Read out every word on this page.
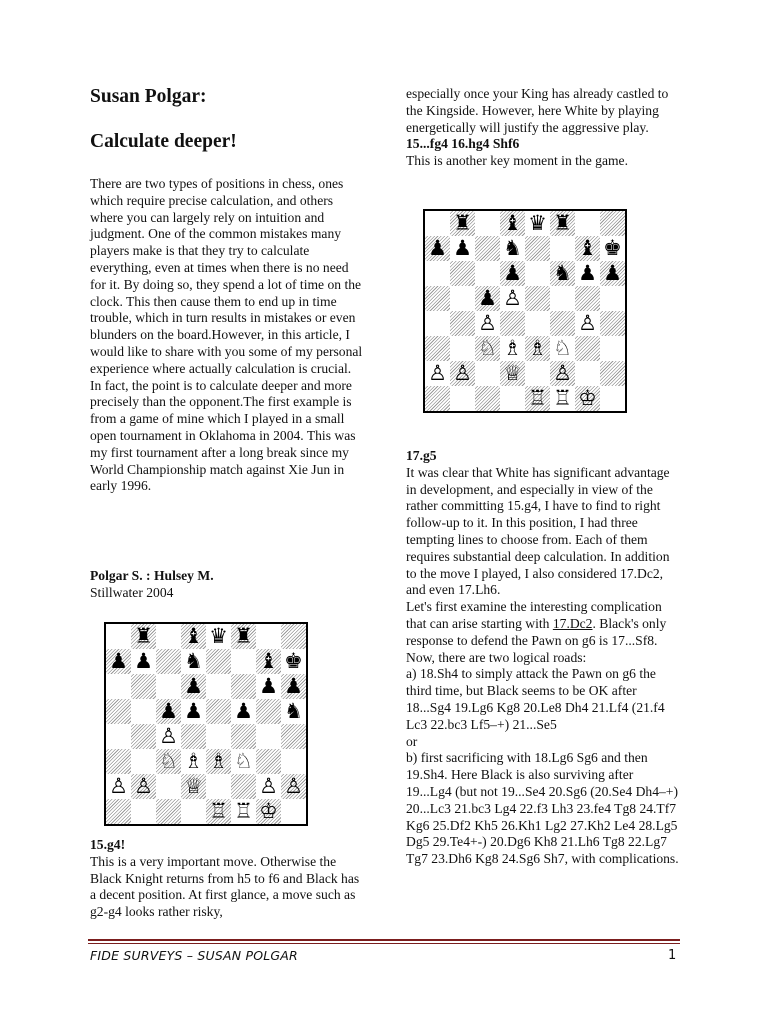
Susan Polgar:
Calculate deeper!

There are two types of positions in chess, ones which require precise calculation, and others where you can largely rely on intuition and judgment. One of the common mistakes many players make is that they try to calculate everything, even at times when there is no need for it. By doing so, they spend a lot of time on the clock. This then cause them to end up in time trouble, which in turn results in mistakes or even blunders on the board.However, in this article, I would like to share with you some of my personal experience where actually calculation is crucial. In fact, the point is to calculate deeper and more precisely than the opponent.The first example is from a game of mine which I played in a small open tournament in Oklahoma in 2004. This was my first tournament after a long break since my World Championship match against Xie Jun in early 1996.

Polgar S. : Hulsey M.
Stillwater 2004
♜ ♝ ♛ ♜
♟ ♟ ♞	♝ ♚
♟	♟ ♟
♟ ♟ ♟ ♞
♙
♘ ♗ ♗ ♘
♙ ♙ ♕	♙ ♙
♖ ♖ ♔
15.g4!

This is a very important move. Otherwise the Black Knight returns from h5 to f6 and Black has a decent position. At first glance, a move such as g2-g4 looks rather risky,

especially once your King has already castled to the Kingside. However, here White by playing energetically will justify the aggressive play.

15...fg4 16.hg4 Shf6

This is another key moment in the game.

♜ ♝ ♛ ♜
♟ ♟ ♞	♝ ♚
♟ ♞ ♟ ♟
♟ ♙
♙	♙
♘ ♗ ♗ ♘
♙ ♙ ♕ ♙
♖ ♖ ♔
17.g5

It was clear that White has significant advantage in development, and especially in view of the rather committing 15.g4, I have to find to right follow-up to it. In this position, I had three tempting lines to choose from. Each of them requires substantial deep calculation. In addition to the move I played, I also considered 17.Dc2, and even 17.Lh6.

Let's first examine the interesting complication that can arise starting with 17.Dc2. Black's only response to defend the Pawn on g6 is 17...Sf8. Now, there are two logical roads:

a) 18.Sh4 to simply attack the Pawn on g6 the third time, but Black seems to be OK after 18...Sg4 19.Lg6 Kg8 20.Le8 Dh4 21.Lf4 (21.f4 Lc3 22.bc3 Lf5–+) 21...Se5

or

b) first sacrificing with 18.Lg6 Sg6 and then 19.Sh4. Here Black is also surviving after 19...Lg4 (but not 19...Se4 20.Sg6 (20.Se4 Dh4–+) 20...Lc3 21.bc3 Lg4 22.f3 Lh3 23.fe4 Tg8 24.Tf7 Kg6 25.Df2 Kh5 26.Kh1 Lg2 27.Kh2 Le4 28.Lg5 Dg5 29.Te4+-) 20.Dg6 Kh8 21.Lh6 Tg8 22.Lg7 Tg7 23.Dh6 Kg8 24.Sg6 Sh7, with complications.

FIDE SURVEYS – SUSAN POLGAR	1
